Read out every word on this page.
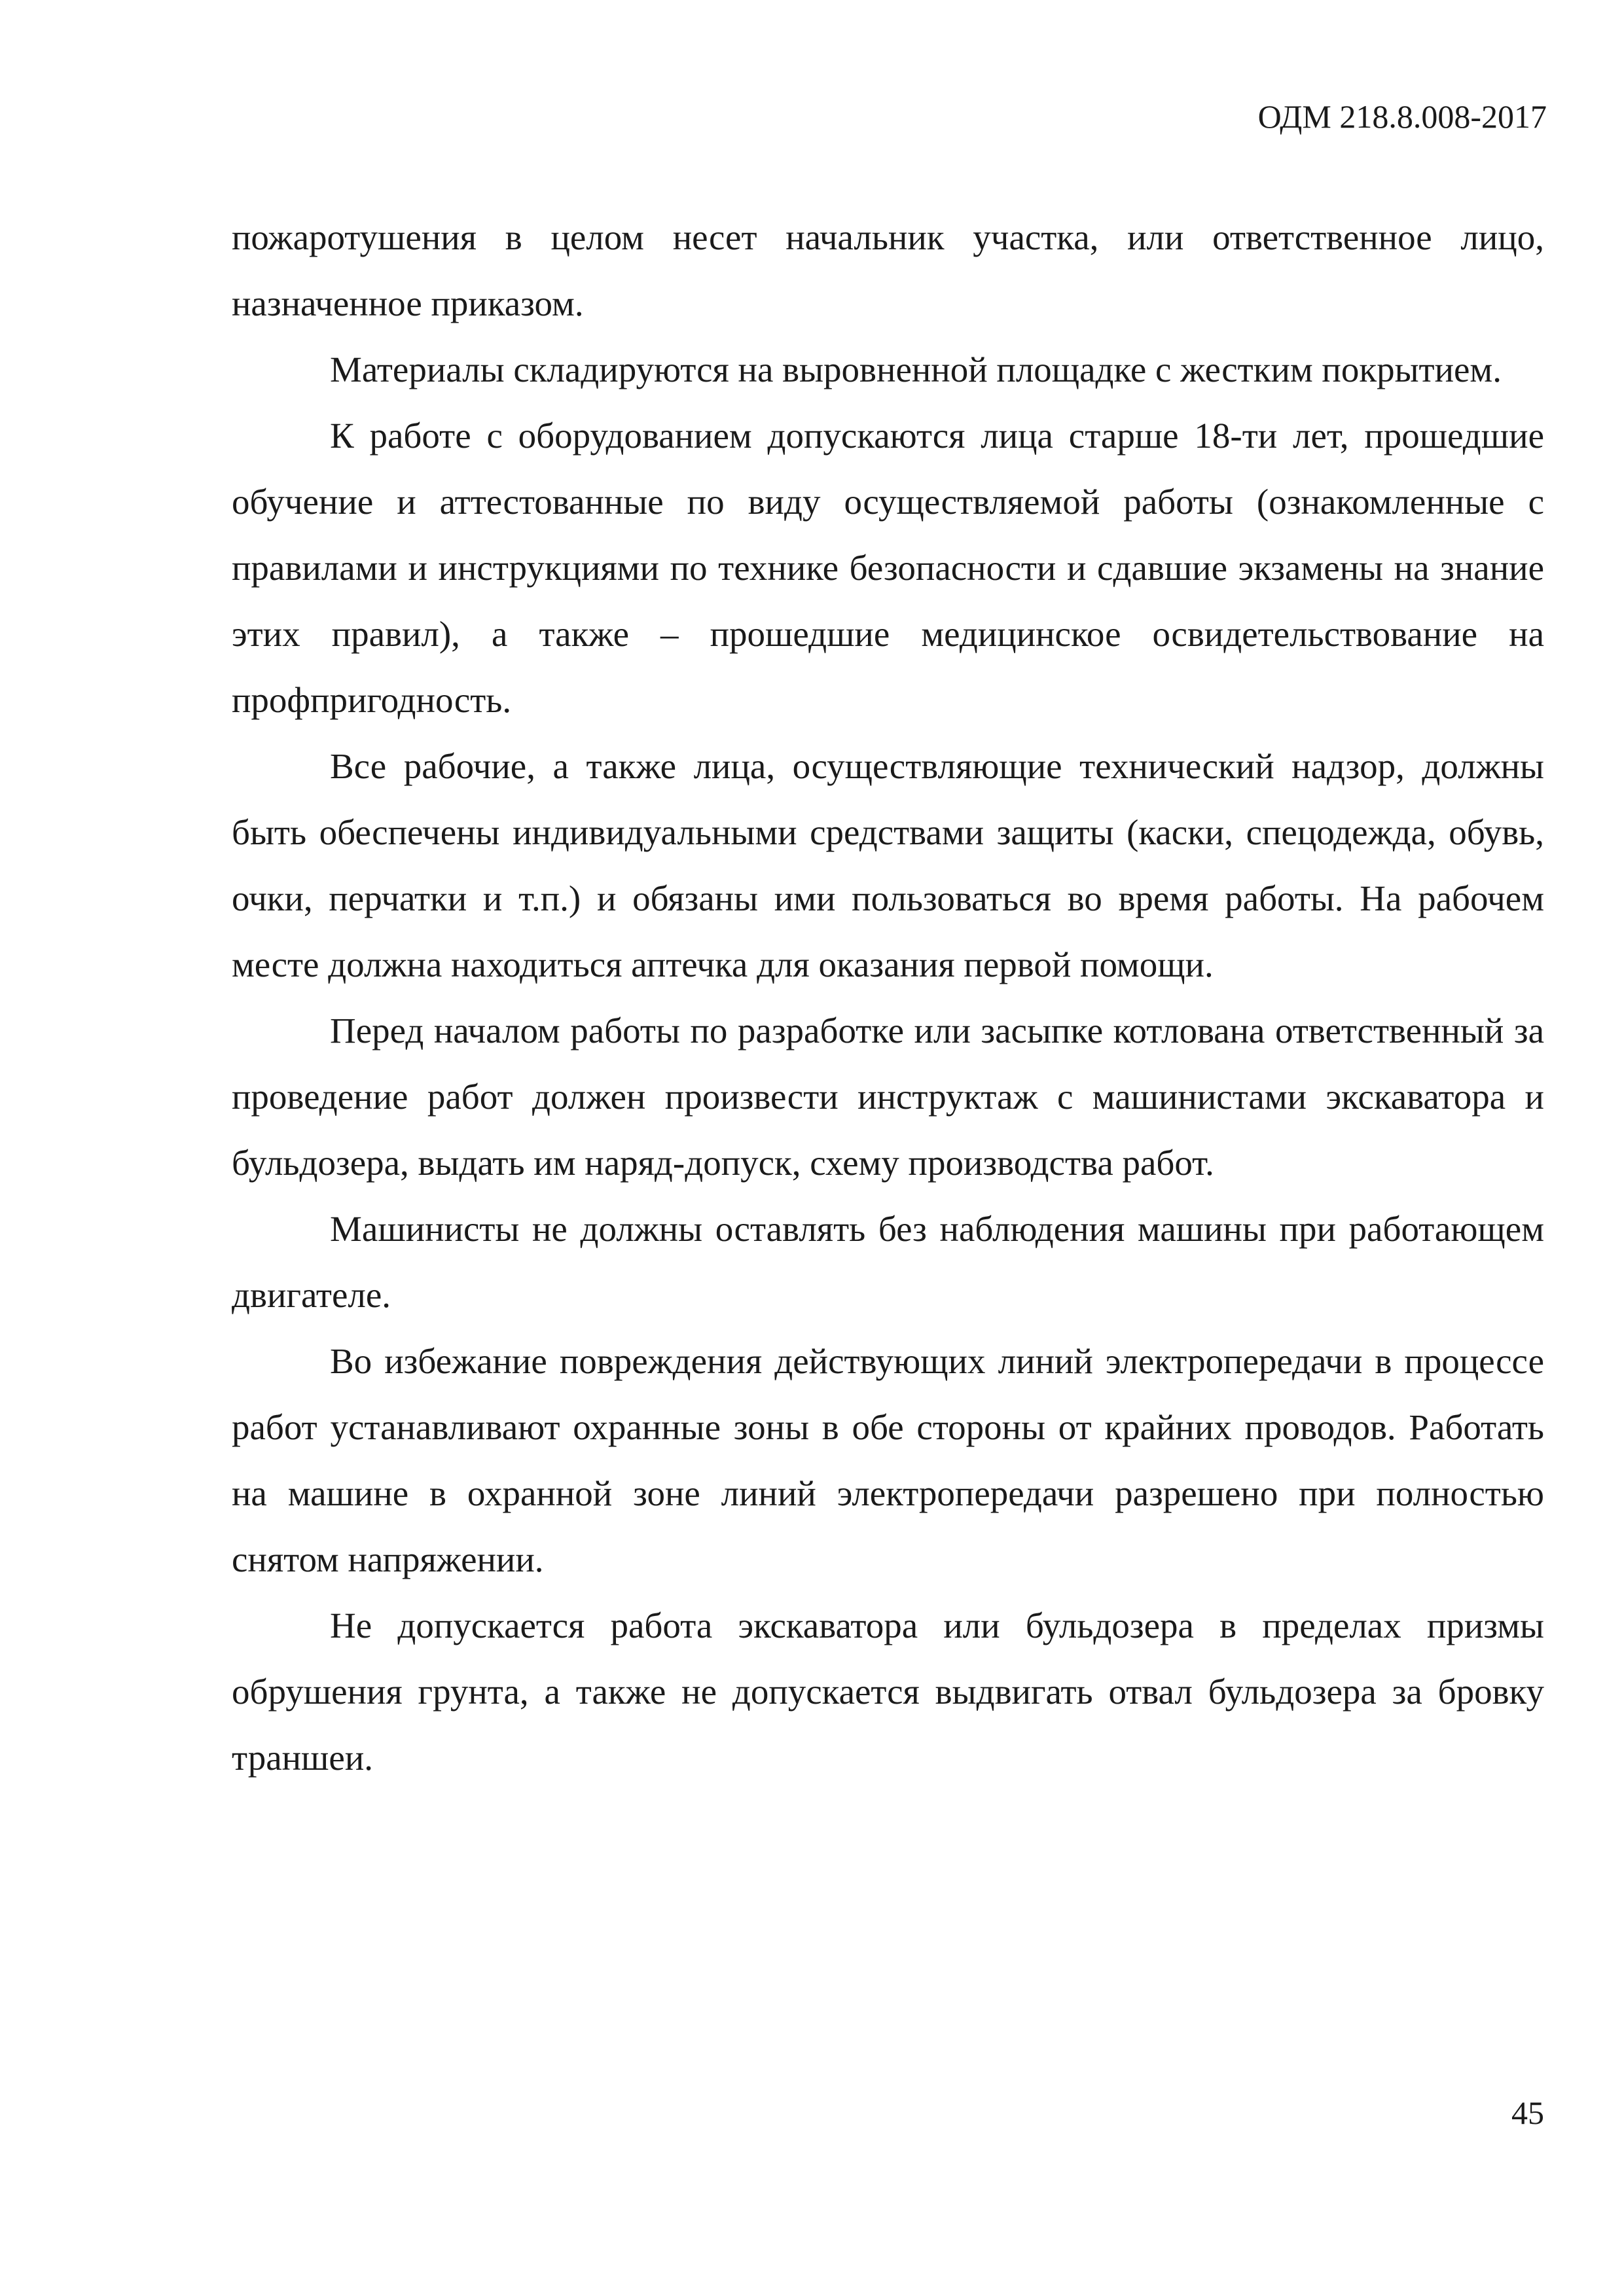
ОДМ 218.8.008-2017

пожаротушения в целом несет начальник участка, или ответственное лицо, назначенное приказом.

Материалы складируются на выровненной площадке с жестким покрытием.

К работе с оборудованием допускаются лица старше 18-ти лет, прошедшие обучение и аттестованные по виду осуществляемой работы (ознакомленные с правилами и инструкциями по технике безопасности и сдавшие экзамены на знание этих правил), а также – прошедшие медицинское освидетельствование на профпригодность.

Все рабочие, а также лица, осуществляющие технический надзор, должны быть обеспечены индивидуальными средствами защиты (каски, спецодежда, обувь, очки, перчатки и т.п.) и обязаны ими пользоваться во время работы. На рабочем месте должна находиться аптечка для оказания первой помощи.

Перед началом работы по разработке или засыпке котлована ответственный за проведение работ должен произвести инструктаж с машинистами экскаватора и бульдозера, выдать им наряд-допуск, схему производства работ.

Машинисты не должны оставлять без наблюдения машины при работающем двигателе.

Во избежание повреждения действующих линий электропередачи в процессе работ устанавливают охранные зоны в обе стороны от крайних проводов. Работать на машине в охранной зоне линий электропередачи разрешено при полностью снятом напряжении.

Не допускается работа экскаватора или бульдозера в пределах призмы обрушения грунта, а также не допускается выдвигать отвал бульдозера за бровку траншеи.

45
